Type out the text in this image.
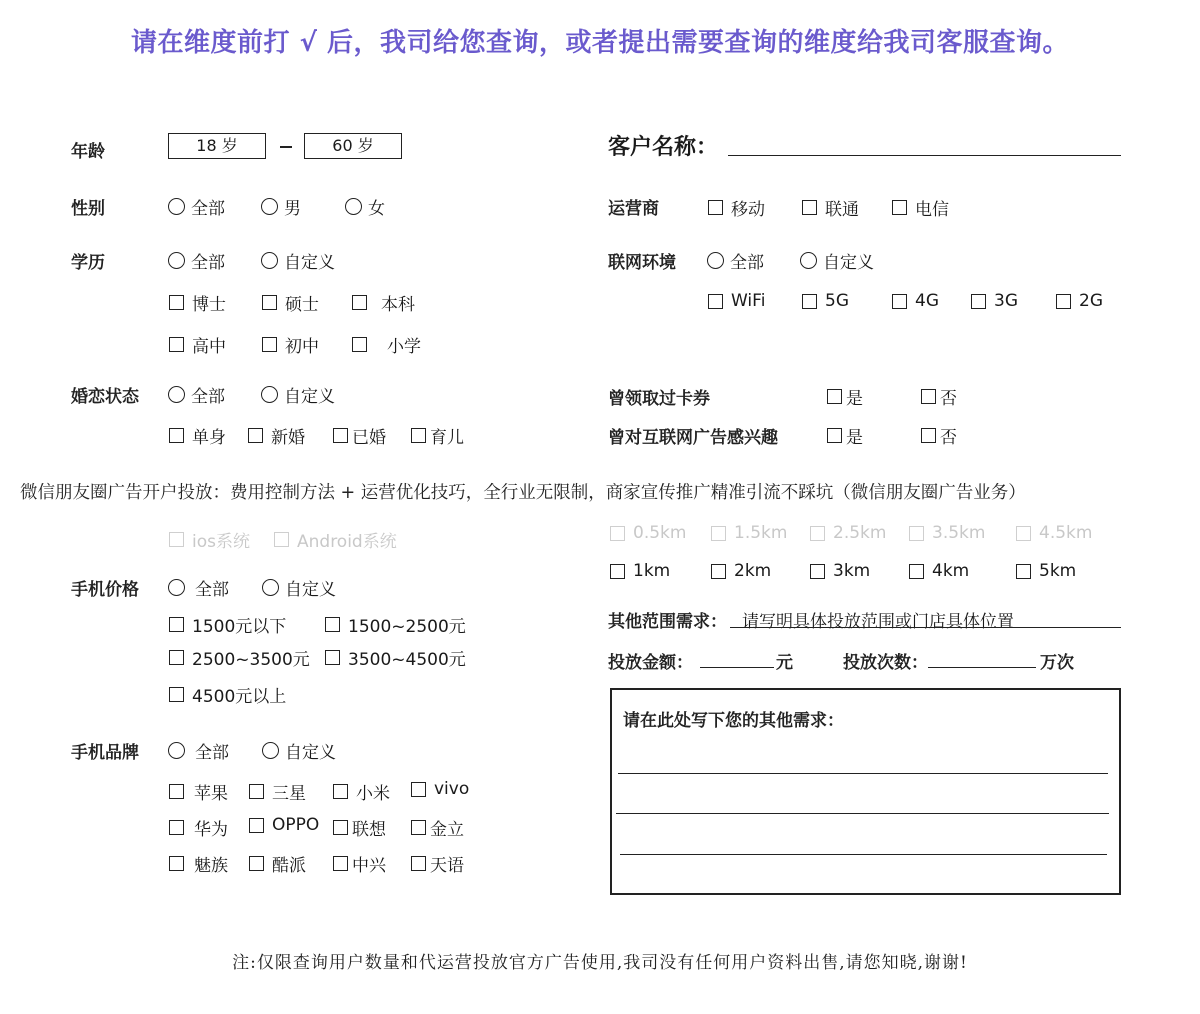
请在维度前打 √ 后，我司给您查询，或者提出需要查询的维度给我司客服查询。
年龄	18 岁	60 岁	客户名称：
性别	全部	男	女	运营商	移动	联通	电信
学历	全部	自定义
博士	硕士	本科
高中	初中	小学
联网环境	全部	自定义
WiFi	5G	4G	3G	2G
婚恋状态	全部	自定义
单身	新婚	已婚	育儿
曾领取过卡券	是	否
曾对互联网广告感兴趣	是	否
ios系统	Android系统	0.5km	1.5km	2.5km	3.5km	4.5km
微信朋友圈广告开户投放：费用控制方法 + 运营优化技巧，全行业无限制，商家宣传推广精准引流不踩坑（微信朋友圈广告业务）
1km	2km	3km	4km	5km
手机价格	全部	自定义
1500元以下	1500~2500元
2500~3500元 3500~4500元
4500元以上
其他范围需求： 请写明具体投放范围或门店具体位置
投放金额：	元	投放次数：	万次
请在此处写下您的其他需求：
手机品牌	全部	自定义
苹果	三星	小米	vivo
华为	OPPO 联想	金立
魅族	酷派	中兴	天语
注:仅限查询用户数量和代运营投放官方广告使用,我司没有任何用户资料出售,请您知晓,谢谢!
